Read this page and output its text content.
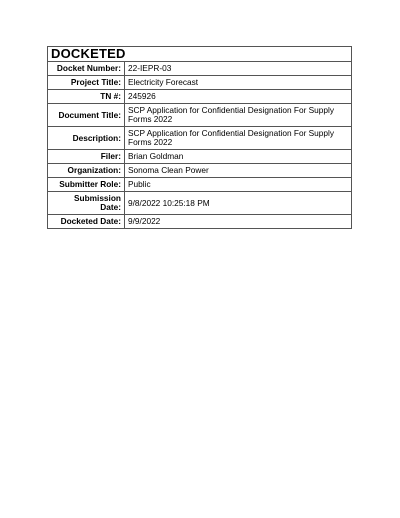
DOCKETED
Docket Number:	22-IEPR-03
Project Title:	Electricity Forecast
TN #:	245926
Document Title:	SCP Application for Confidential Designation For Supply Forms 2022
Description:	SCP Application for Confidential Designation For Supply Forms 2022
Filer:	Brian Goldman
Organization:	Sonoma Clean Power
Submitter Role:	Public
Submission Date:	9/8/2022 10:25:18 PM
Docketed Date:	9/9/2022
